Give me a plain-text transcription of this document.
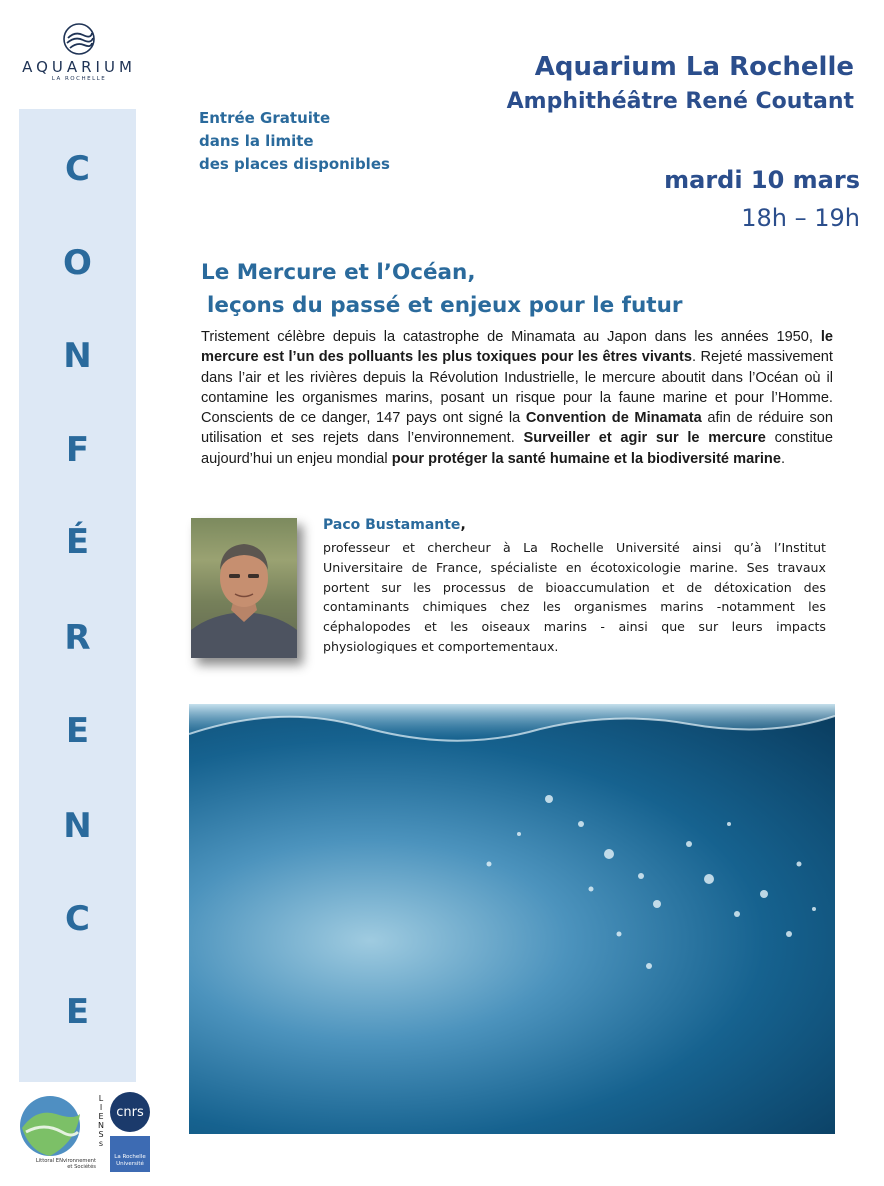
AQUARIUM
LA ROCHELLE
C
O
N
F
É
R
E
N
C
E
Aquarium La Rochelle
Amphithéâtre René Coutant
Entrée Gratuite
dans la limite
des places disponibles
mardi 10 mars
18h – 19h
Le Mercure et l’Océan,
leçons du passé et enjeux pour le futur
Tristement célèbre depuis la catastrophe de Minamata au Japon dans les années 1950, le mercure est l’un des polluants les plus toxiques pour les êtres vivants. Rejeté massivement dans l’air et les rivières depuis la Révolution Industrielle, le mercure aboutit dans l’Océan où il contamine les organismes marins, posant un risque pour la faune marine et pour l’Homme. Conscients de ce danger, 147 pays ont signé la Convention de Minamata afin de réduire son utilisation et ses rejets dans l’environnement. Surveiller et agir sur le mercure constitue aujourd’hui un enjeu mondial pour protéger la santé humaine et la biodiversité marine.
Paco Bustamante,
professeur et chercheur à La Rochelle Université ainsi qu’à l’Institut Universitaire de France, spécialiste en écotoxicologie marine. Ses travaux portent sur les processus de bioaccumulation et de détoxication des contaminants chimiques chez les organismes marins -notamment les céphalopodes et les oiseaux marins - ainsi que sur leurs impacts physiologiques et comportementaux.
L
I
E
N
S
s
Littoral ENvironnement
et Sociétés
cnrs
La Rochelle
Université
